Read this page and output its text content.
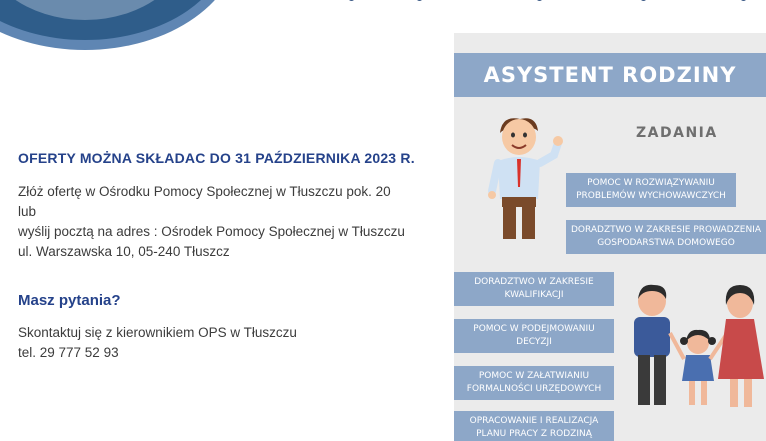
OFERTY MOŻNA SKŁADAC DO 31 PAŹDZIERNIKA 2023 R.
Złóż ofertę w Ośrodku Pomocy Społecznej w Tłuszczu pok. 20
lub
wyślij pocztą na adres : Ośrodek Pomocy Społecznej w Tłuszczu
ul. Warszawska 10, 05-240 Tłuszcz
Masz pytania?
Skontaktuj się z kierownikiem OPS w Tłuszczu
tel. 29 777 52 93
ASYSTENT RODZINY
ZADANIA
POMOC W ROZWIĄZYWANIU PROBLEMÓW WYCHOWAWCZYCH
DORADZTWO W ZAKRESIE PROWADZENIA GOSPODARSTWA DOMOWEGO
DORADZTWO W ZAKRESIE KWALIFIKACJI
POMOC W PODEJMOWANIU DECYZJI
POMOC W ZAŁATWIANIU FORMALNOŚCI URZĘDOWYCH
OPRACOWANIE I REALIZACJA PLANU PRACY Z RODZINĄ
